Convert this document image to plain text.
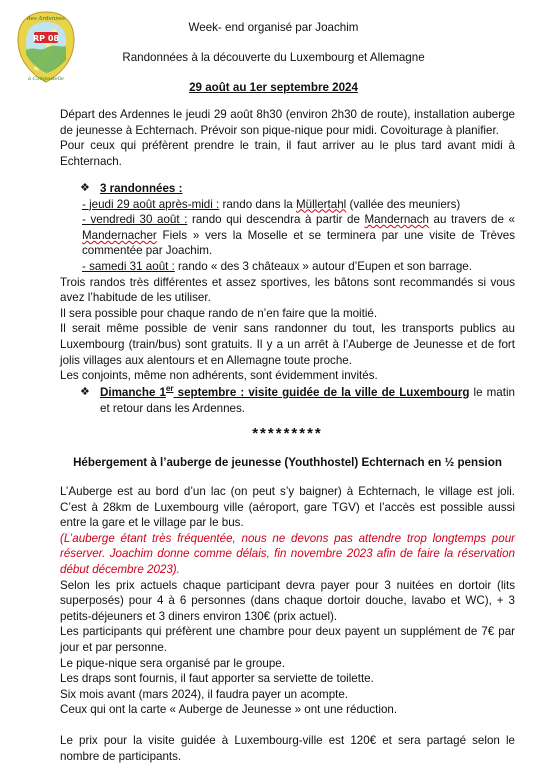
des Ardennes
RP 08
à Compostelle
Week- end organisé par Joachim
Randonnées à la découverte du Luxembourg et Allemagne
29 août au 1er septembre 2024

Départ des Ardennes le jeudi 29 août 8h30 (environ 2h30 de route), installation auberge de jeunesse à Echternach. Prévoir son pique-nique pour midi. Covoiturage à planifier.

Pour ceux qui préfèrent prendre le train, il faut arriver au le plus tard avant midi à Echternach.

❖ 3 randonnées :

- jeudi 29 août après-midi : rando dans la Müllertahl (vallée des meuniers)

- vendredi 30 août : rando qui descendra à partir de Mandernach au travers de « Mandernacher Fiels » vers la Moselle et se terminera par une visite de Trèves commentée par Joachim.

- samedi 31 août : rando « des 3 châteaux » autour d’Eupen et son barrage.

Trois randos très différentes et assez sportives, les bâtons sont recommandés si vous avez l’habitude de les utiliser.

Il sera possible pour chaque rando de n’en faire que la moitié.

Il serait même possible de venir sans randonner du tout, les transports publics au Luxembourg (train/bus) sont gratuits. Il y a un arrêt à l’Auberge de Jeunesse et de fort jolis villages aux alentours et en Allemagne toute proche.

Les conjoints, même non adhérents, sont évidemment invités.

❖ Dimanche 1er septembre : visite guidée de la ville de Luxembourg le matin et retour dans les Ardennes.

*********

Hébergement à l’auberge de jeunesse (Youthhostel) Echternach en ½ pension

L’Auberge est au bord d’un lac (on peut s’y baigner) à Echternach, le village est joli. C’est à 28km de Luxembourg ville (aéroport, gare TGV) et l’accès est possible aussi entre la gare et le village par le bus.

(L’auberge étant très fréquentée, nous ne devons pas attendre trop longtemps pour réserver. Joachim donne comme délais, fin novembre 2023 afin de faire la réservation début décembre 2023).

Selon les prix actuels chaque participant devra payer pour 3 nuitées en dortoir (lits superposés) pour 4 à 6 personnes (dans chaque dortoir douche, lavabo et WC), + 3 petits-déjeuners et 3 diners environ 130€ (prix actuel).

Les participants qui préfèrent une chambre pour deux payent un supplément de 7€ par jour et par personne.

Le pique-nique sera organisé par le groupe.

Les draps sont fournis, il faut apporter sa serviette de toilette.

Six mois avant (mars 2024), il faudra payer un acompte.

Ceux qui ont la carte « Auberge de Jeunesse » ont une réduction.

Le prix pour la visite guidée à Luxembourg-ville est 120€ et sera partagé selon le nombre de participants.
